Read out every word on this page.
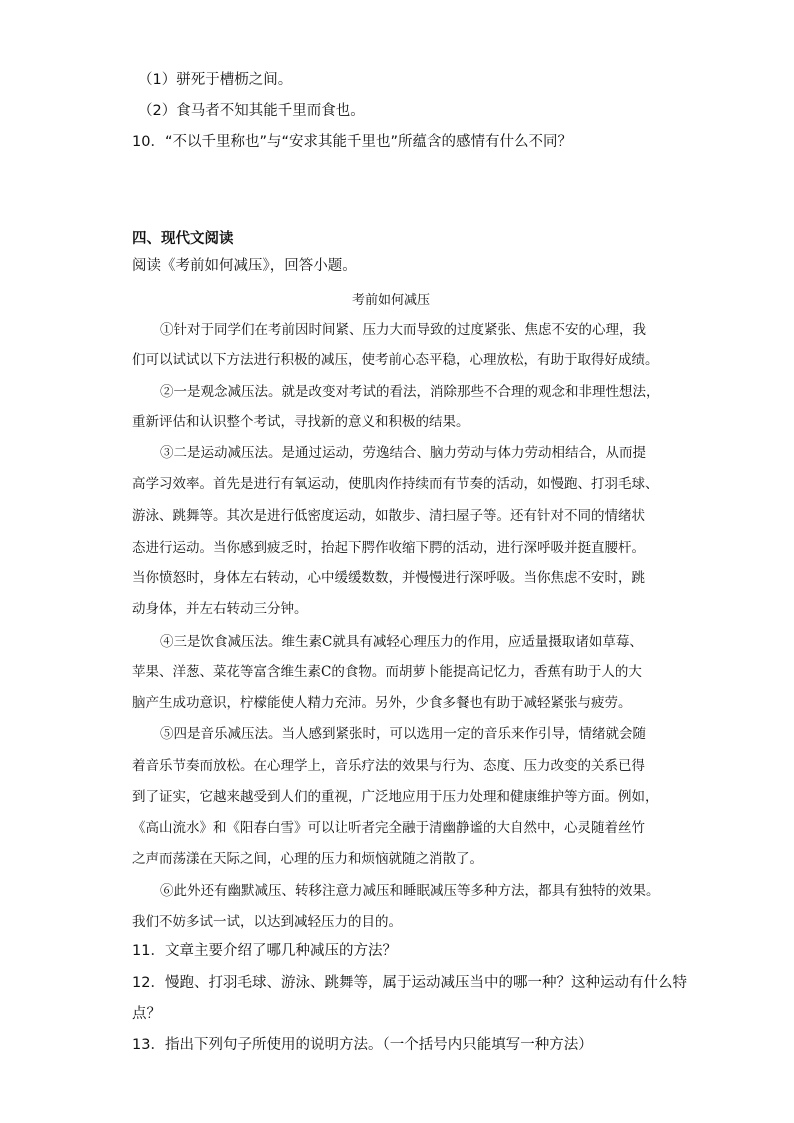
（1）骈死于槽枥之间。
（2）食马者不知其能千里而食也。
10．“不以千里称也”与“安求其能千里也”所蕴含的感情有什么不同？
四、现代文阅读
阅读《考前如何减压》，回答小题。
考前如何减压
①针对于同学们在考前因时间紧、压力大而导致的过度紧张、焦虑不安的心理，我
们可以试试以下方法进行积极的减压，使考前心态平稳，心理放松，有助于取得好成绩。
②一是观念减压法。就是改变对考试的看法，消除那些不合理的观念和非理性想法，
重新评估和认识整个考试，寻找新的意义和积极的结果。
③二是运动减压法。是通过运动，劳逸结合、脑力劳动与体力劳动相结合，从而提
高学习效率。首先是进行有氧运动，使肌肉作持续而有节奏的活动，如慢跑、打羽毛球、
游泳、跳舞等。其次是进行低密度运动，如散步、清扫屋子等。还有针对不同的情绪状
态进行运动。当你感到疲乏时，抬起下腭作收缩下腭的活动，进行深呼吸并挺直腰杆。
当你愤怒时，身体左右转动，心中缓缓数数，并慢慢进行深呼吸。当你焦虑不安时，跳
动身体，并左右转动三分钟。
④三是饮食减压法。维生素C就具有减轻心理压力的作用，应适量摄取诸如草莓、
苹果、洋葱、菜花等富含维生素C的食物。而胡萝卜能提高记忆力，香蕉有助于人的大
脑产生成功意识，柠檬能使人精力充沛。另外，少食多餐也有助于减轻紧张与疲劳。
⑤四是音乐减压法。当人感到紧张时，可以选用一定的音乐来作引导，情绪就会随
着音乐节奏而放松。在心理学上，音乐疗法的效果与行为、态度、压力改变的关系已得
到了证实，它越来越受到人们的重视，广泛地应用于压力处理和健康维护等方面。例如，
《高山流水》和《阳春白雪》可以让听者完全融于清幽静谧的大自然中，心灵随着丝竹
之声而荡漾在天际之间，心理的压力和烦恼就随之消散了。
⑥此外还有幽默减压、转移注意力减压和睡眠减压等多种方法，都具有独特的效果。
我们不妨多试一试，以达到减轻压力的目的。
11．文章主要介绍了哪几种减压的方法？
12．慢跑、打羽毛球、游泳、跳舞等，属于运动减压当中的哪一种？这种运动有什么特
点？
13．指出下列句子所使用的说明方法。（一个括号内只能填写一种方法）
